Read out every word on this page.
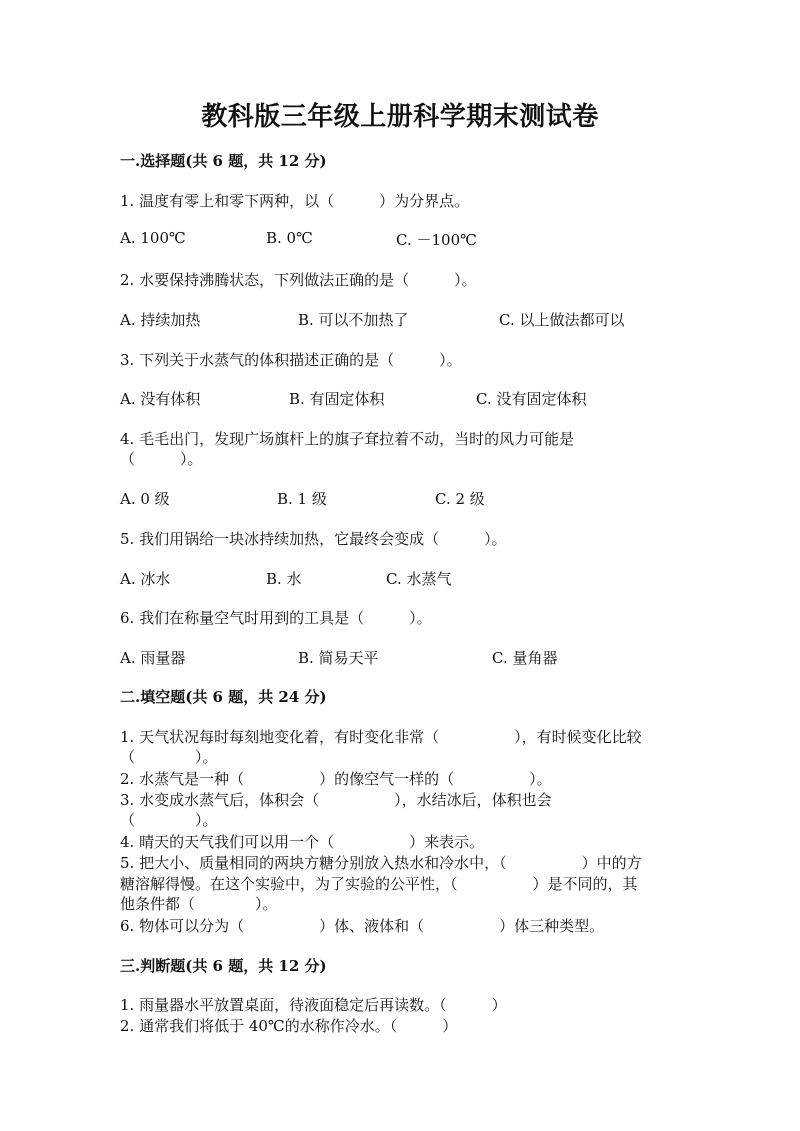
教科版三年级上册科学期末测试卷
一.选择题(共 6 题，共 12 分)
1. 温度有零上和零下两种，以（　　　）为分界点。
A. 100℃	B. 0℃	C. －100℃
2. 水要保持沸腾状态，下列做法正确的是（　　　）。
A. 持续加热	B. 可以不加热了	C. 以上做法都可以
3. 下列关于水蒸气的体积描述正确的是（　　　）。
A. 没有体积	B. 有固定体积	C. 没有固定体积
4. 毛毛出门，发现广场旗杆上的旗子耷拉着不动，当时的风力可能是
（　　　）。
A. 0 级	B. 1 级	C. 2 级
5. 我们用锅给一块冰持续加热，它最终会变成（　　　）。
A. 冰水	B. 水	C. 水蒸气
6. 我们在称量空气时用到的工具是（　　　）。
A. 雨量器	B. 简易天平	C. 量角器
二.填空题(共 6 题，共 24 分)
1. 天气状况每时每刻地变化着，有时变化非常（　　　　　），有时候变化比较
（　　　　）。
2. 水蒸气是一种（　　　　　）的像空气一样的（　　　　　）。
3. 水变成水蒸气后，体积会（　　　　　），水结冰后，体积也会
（　　　　）。
4. 晴天的天气我们可以用一个（　　　　　）来表示。
5. 把大小、质量相同的两块方糖分别放入热水和冷水中，（　　　　　）中的方
糖溶解得慢。在这个实验中，为了实验的公平性，（　　　　　）是不同的，其
他条件都（　　　　）。
6. 物体可以分为（　　　　　）体、液体和（　　　　　）体三种类型。
三.判断题(共 6 题，共 12 分)
1. 雨量器水平放置桌面，待液面稳定后再读数。（　　　）
2. 通常我们将低于 40℃的水称作冷水。（　　　）
